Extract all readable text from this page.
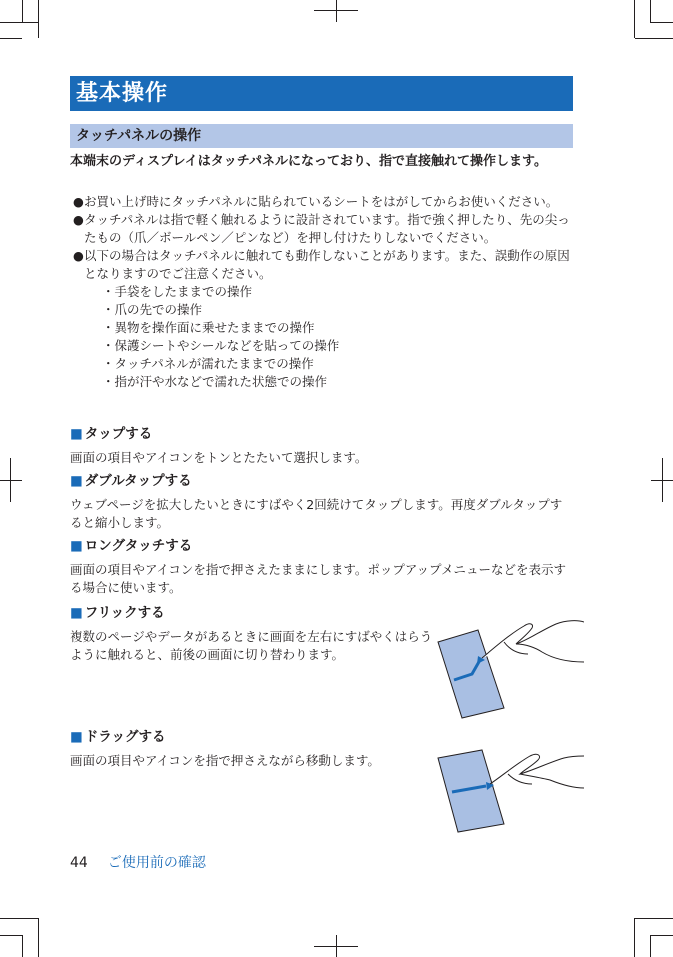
基本操作
タッチパネルの操作
本端末のディスプレイはタッチパネルになっており、指で直接触れて操作します。
● お買い上げ時にタッチパネルに貼られているシートをはがしてからお使いください。
● タッチパネルは指で軽く触れるように設計されています。指で強く押したり、先の尖ったもの（爪／ボールペン／ピンなど）を押し付けたりしないでください。
● 以下の場合はタッチパネルに触れても動作しないことがあります。また、誤動作の原因となりますのでご注意ください。
・手袋をしたままでの操作
・爪の先での操作
・異物を操作面に乗せたままでの操作
・保護シートやシールなどを貼っての操作
・タッチパネルが濡れたままでの操作
・指が汗や水などで濡れた状態での操作
■ タップする
画面の項目やアイコンをトンとたたいて選択します。
■ ダブルタップする
ウェブページを拡大したいときにすばやく2回続けてタップします。再度ダブルタップすると縮小します。
■ ロングタッチする
画面の項目やアイコンを指で押さえたままにします。ポップアップメニューなどを表示する場合に使います。
■ フリックする
複数のページやデータがあるときに画面を左右にすばやくはらうように触れると、前後の画面に切り替わります。
■ ドラッグする
画面の項目やアイコンを指で押さえながら移動します。
44 ご使用前の確認
